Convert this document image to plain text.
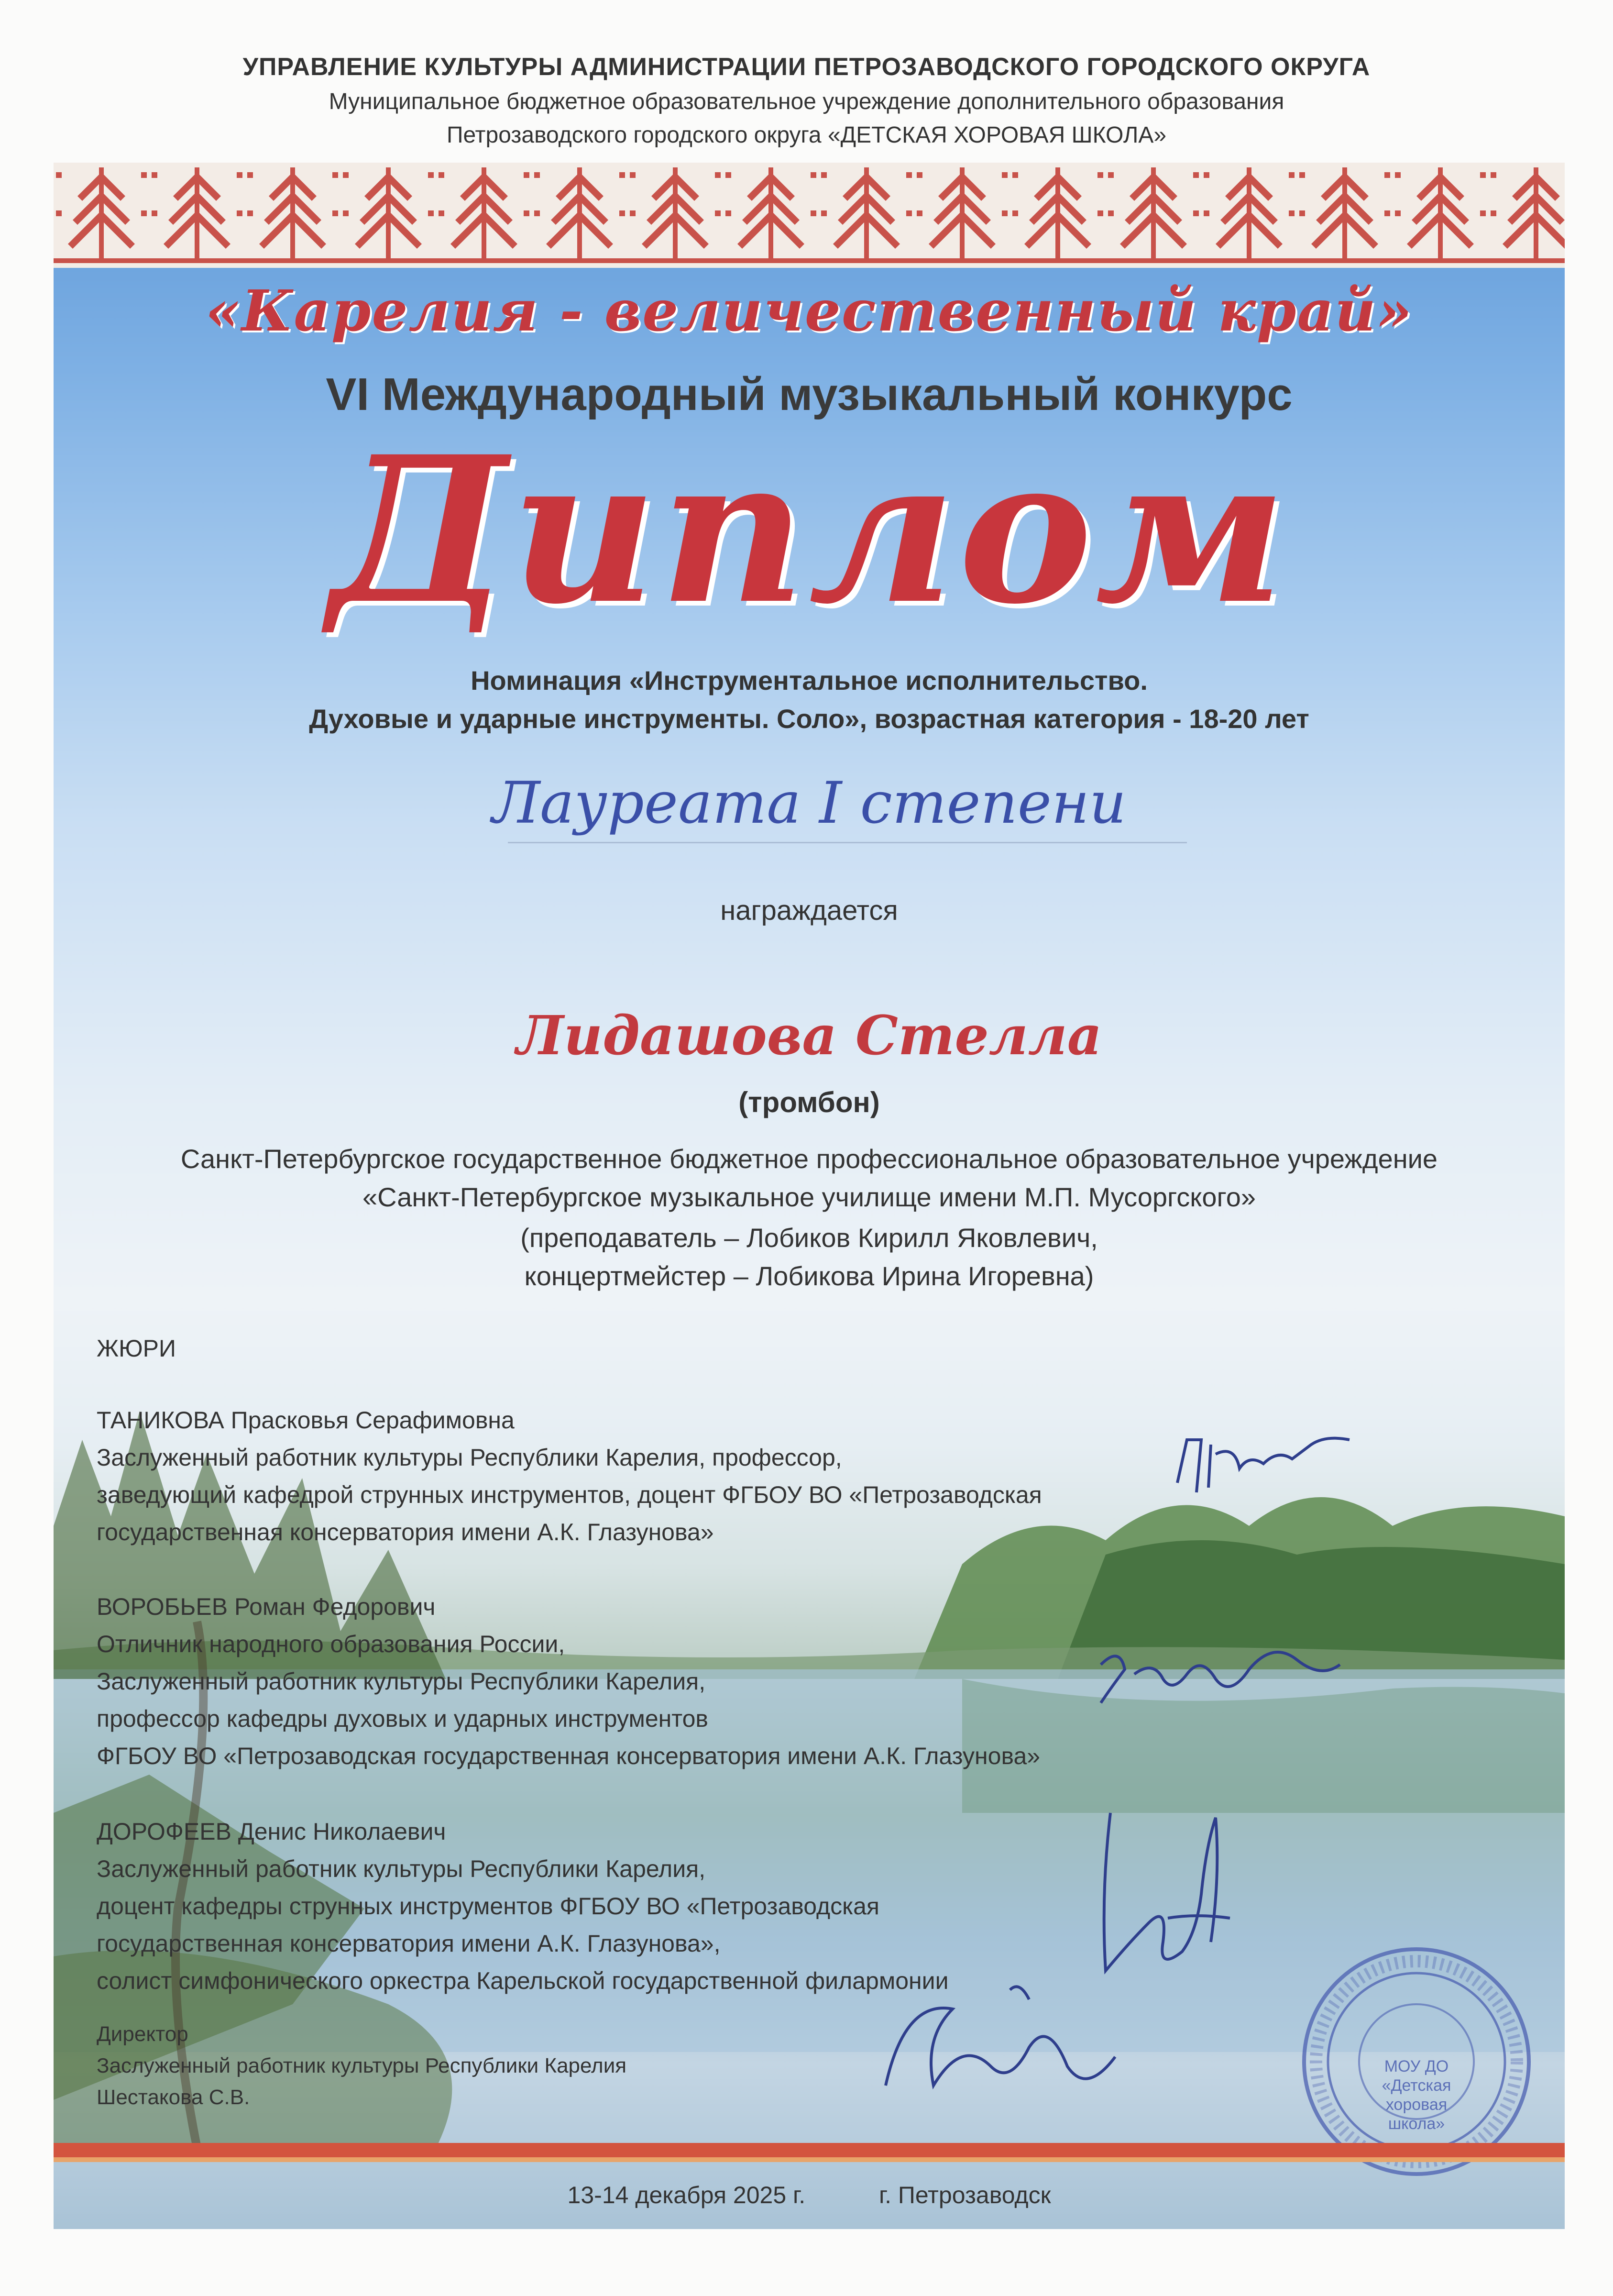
УПРАВЛЕНИЕ КУЛЬТУРЫ АДМИНИСТРАЦИИ ПЕТРОЗАВОДСКОГО ГОРОДСКОГО ОКРУГА
Муниципальное бюджетное образовательное учреждение дополнительного образования
Петрозаводского городского округа «ДЕТСКАЯ ХОРОВАЯ ШКОЛА»
«Карелия - величественный край»
VI Международный музыкальный конкурс
Диплом
Номинация «Инструментальное исполнительство.
Духовые и ударные инструменты. Соло», возрастная категория - 18-20 лет
Лауреата I степени
награждается
Лидашова Стелла
(тромбон)
Санкт-Петербургское государственное бюджетное профессиональное образовательное учреждение
«Санкт-Петербургское музыкальное училище имени М.П. Мусоргского»
(преподаватель – Лобиков Кирилл Яковлевич,
концертмейстер – Лобикова Ирина Игоревна)
ЖЮРИ
ТАНИКОВА Прасковья Серафимовна
Заслуженный работник культуры Республики Карелия, профессор,
заведующий кафедрой струнных инструментов, доцент ФГБОУ ВО «Петрозаводская
государственная консерватория имени А.К. Глазунова»
ВОРОБЬЕВ Роман Федорович
Отличник народного образования России,
Заслуженный работник культуры Республики Карелия,
профессор кафедры духовых и ударных инструментов
ФГБОУ ВО «Петрозаводская государственная консерватория имени А.К. Глазунова»
ДОРОФЕЕВ Денис Николаевич
Заслуженный работник культуры Республики Карелия,
доцент кафедры струнных инструментов ФГБОУ ВО «Петрозаводская
государственная консерватория имени А.К. Глазунова»,
солист симфонического оркестра Карельской государственной филармонии
Директор
Заслуженный работник культуры Республики Карелия
Шестакова С.В.
МОУ ДО
«Детская
хоровая
школа»
13-14 декабря 2025 г.	г. Петрозаводск
